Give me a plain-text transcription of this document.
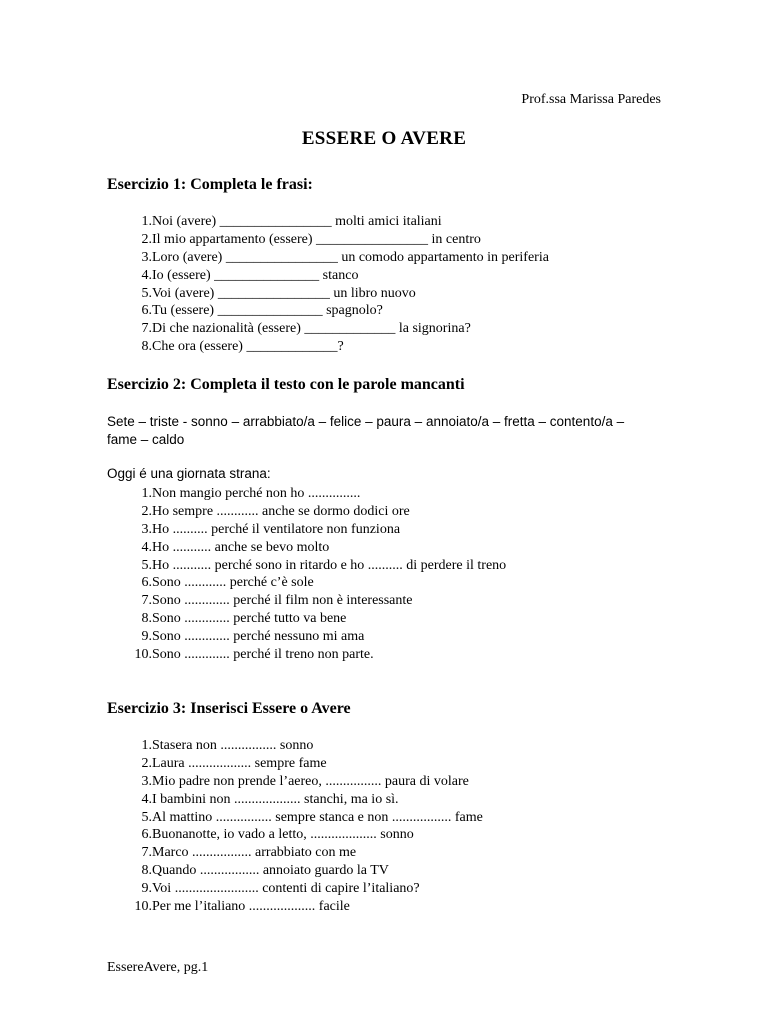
Prof.ssa Marissa Paredes
ESSERE O AVERE
Esercizio 1: Completa le frasi:
1. Noi (avere) ________________ molti amici italiani
2. Il mio appartamento (essere) ________________ in centro
3. Loro (avere) ________________ un comodo appartamento in periferia
4. Io (essere) _______________ stanco
5. Voi (avere) ________________ un libro nuovo
6. Tu (essere) _______________ spagnolo?
7. Di che nazionalità (essere) _____________ la signorina?
8. Che ora (essere) _____________?
Esercizio 2: Completa il testo con le parole mancanti
Sete – triste - sonno – arrabbiato/a – felice – paura – annoiato/a – fretta – contento/a – fame – caldo
Oggi é una giornata strana:
1. Non mangio perché non ho ...............
2. Ho sempre ............ anche se dormo dodici ore
3. Ho .......... perché il ventilatore non funziona
4. Ho ........... anche se bevo molto
5. Ho ........... perché sono in ritardo e ho .......... di perdere il treno
6. Sono ............ perché c’è sole
7. Sono ............. perché il film non è interessante
8. Sono ............. perché tutto va bene
9. Sono ............. perché nessuno mi ama
10. Sono ............. perché il treno non parte.
Esercizio 3: Inserisci Essere o Avere
1. Stasera non ................ sonno
2. Laura .................. sempre fame
3. Mio padre non prende l’aereo, ................ paura di volare
4. I bambini non ................... stanchi, ma io sì.
5. Al mattino ................ sempre stanca e non ................. fame
6. Buonanotte, io vado a letto, ................... sonno
7. Marco ................. arrabbiato con me
8. Quando ................. annoiato guardo la TV
9. Voi ........................ contenti di capire l’italiano?
10. Per me l’italiano ................... facile
EssereAvere, pg.1
